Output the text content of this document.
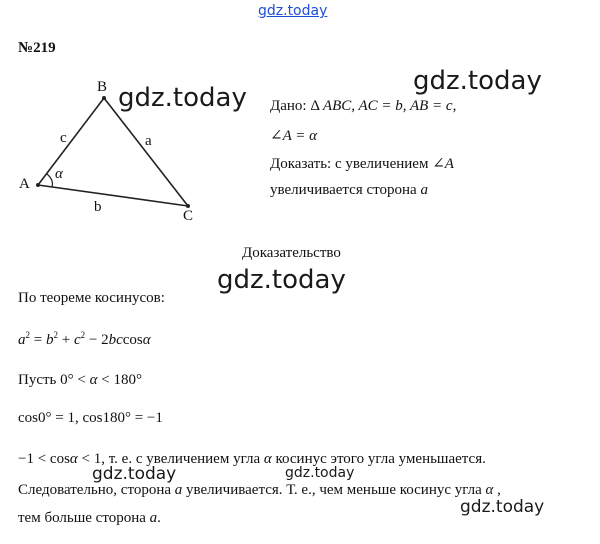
gdz.today
№219
A
B
C
c	a
b
α
gdz.today
gdz.today
Дано: Δ ABC, AC = b, AB = c,
∠A = α
Доказать: с увеличением ∠A
увеличивается сторона a
Доказательство
gdz.today
По теореме косинусов:
$a^2 = b^2 + c^2 - 2bccos\alpha$
Пусть 0° < α < 180°
cos0° = 1, cos180° = −1
−1 < cosα < 1, т. е. с увеличением угла α косинус этого угла уменьшается.
Следовательно, сторона a увеличивается. Т. е., чем меньше косинус угла α ,
тем больше сторона a.
gdz.today	gdz.today
gdz.today
